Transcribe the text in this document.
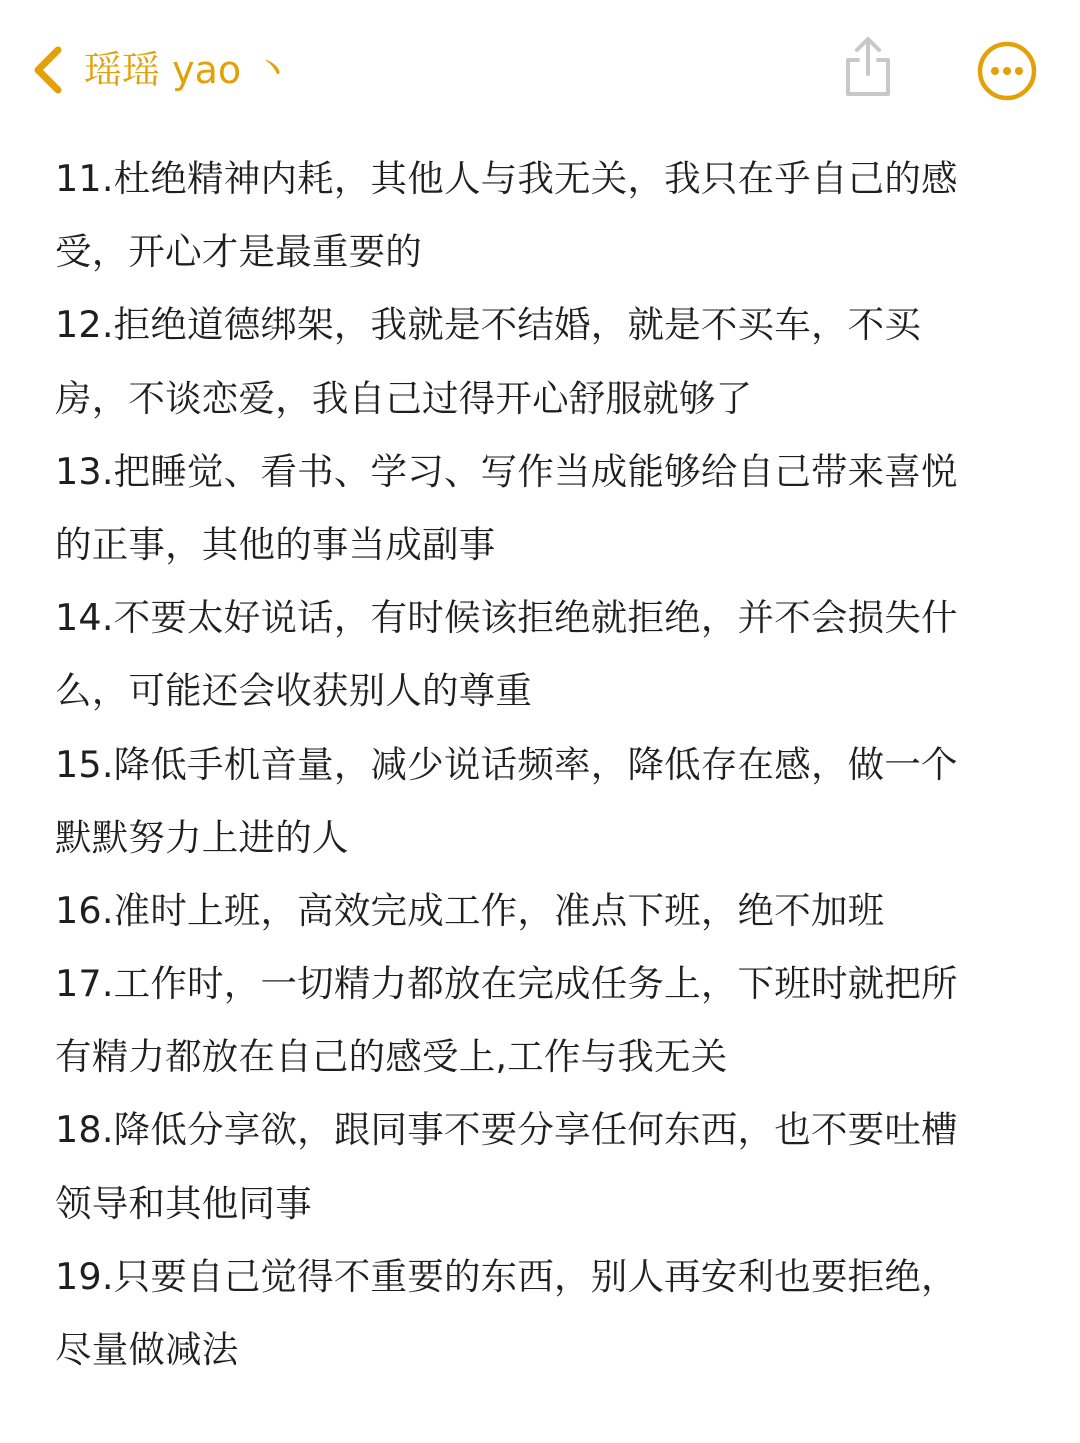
瑶瑶 yao 丶
11.杜绝精神内耗，其他人与我无关，我只在乎自己的感
受，开心才是最重要的
12.拒绝道德绑架，我就是不结婚，就是不买车，不买
房，不谈恋爱，我自己过得开心舒服就够了
13.把睡觉、看书、学习、写作当成能够给自己带来喜悦
的正事，其他的事当成副事
14.不要太好说话，有时候该拒绝就拒绝，并不会损失什
么，可能还会收获别人的尊重
15.降低手机音量，减少说话频率，降低存在感，做一个
默默努力上进的人
16.准时上班，高效完成工作，准点下班，绝不加班
17.工作时，一切精力都放在完成任务上，下班时就把所
有精力都放在自己的感受上,工作与我无关
18.降低分享欲，跟同事不要分享任何东西，也不要吐槽
领导和其他同事
19.只要自己觉得不重要的东西，别人再安利也要拒绝，
尽量做减法
